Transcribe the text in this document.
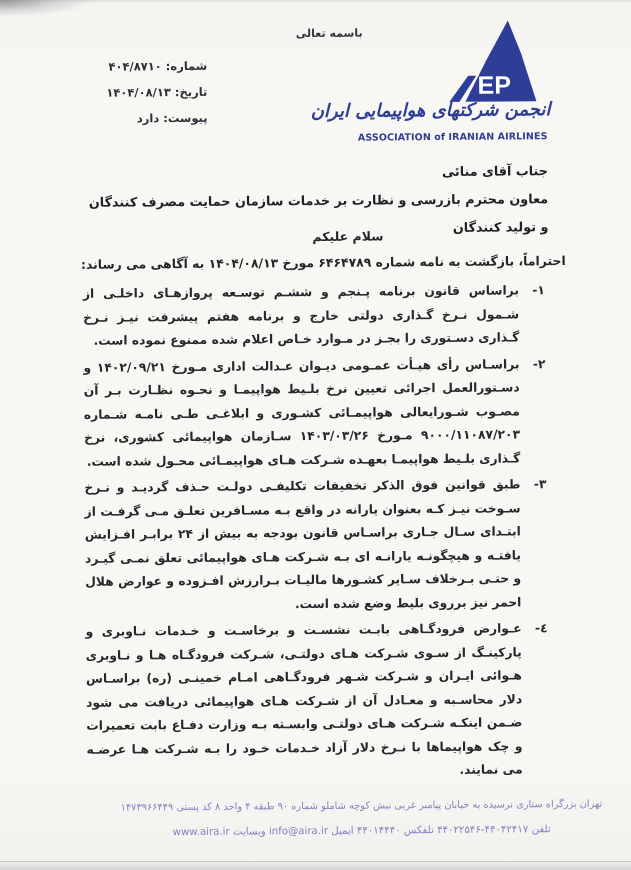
باسمه تعالی
شماره: ۴۰۴/۸۷۱۰
تاریخ: ۱۴۰۴/۰۸/۱۳
پیوست: دارد
EP
انجمن شرکتهای هواپیمایی ایران
ASSOCIATION of IRANIAN AIRLINES
جناب آقای منائی
معاون محترم بازرسی و نظارت بر خدمات سازمان حمایت مصرف کنندگان و تولید کنندگان
سلام علیکم
احتراماً، بازگشت به نامه شماره ۶۴۶۴۷۸۹ مورخ ۱۴۰۴/۰۸/۱۳ به آگاهی می رساند:
۱-
براساس قانون برنامه پـنجم و ششـم توسـعه پروازهـای داخلـی از شـمول نـرخ گـذاری دولتی خارج و برنامه هفتم پیشرفت نیـز نـرخ گـذاری دسـتوری را بجـز در مـوارد خـاص اعلام شده ممنوع نموده است.
۲-
براسـاس رأی هیـأت عمـومی دیـوان عـدالت اداری مـورخ ۱۴۰۲/۰۹/۲۱ و دسـتورالعمل اجرائی تعیین نرخ بلـیط هواپیمـا و نحـوه نظـارت بـر آن مصـوب شـورایعالی هواپیمـائی کشـوری و ابلاغـی طـی نامـه شـماره ۹۰۰۰/۱۱۰۸۷/۲۰۳ مـورخ ۱۴۰۳/۰۳/۲۶ سـازمان هواپیمائی کشوری، نرخ گـذاری بلـیط هواپیمـا بعهـده شـرکت هـای هواپیمـائی محـول شده است.
۳-
طبق قوانین فوق الذکر تخفیفات تکلیفـی دولـت حـذف گردیـد و نـرخ سـوخت نیـز کـه بعنوان یارانه در واقع بـه مسـافرین تعلـق مـی گرفـت از ابتـدای سـال جـاری براسـاس قانون بودجه به بیش از ۲۴ برابـر افـزایش یافتـه و هیچگونـه یارانـه ای بـه شـرکت هـای هواپیمائی تعلق نمـی گیـرد و حتـی بـرخلاف سـایر کشـورها مالیـات بـرارزش افـزوده و عوارض هلال احمر نیز برروی بلیط وضع شده است.
٤-
عـوارض فرودگـاهی بابـت نشسـت و برخاسـت و خـدمات نـاوبری و پارکینـگ از سـوی شـرکت هـای دولتـی، شـرکت فرودگـاه هـا و نـاوبری هـوائی ایـران و شـرکت شـهر فرودگـاهی امـام خمینـی (ره) براسـاس دلار محاسـبه و معـادل آن از شـرکت هـای هواپیمائی دریافت می شود ضـمن اینکـه شـرکت هـای دولتـی وابسـته بـه وزارت دفـاع بابت تعمیرات و چک هواپیماها با نـرخ دلار آزاد خـدمات خـود را بـه شـرکت هـا عرضـه می نمایند.
تهران بزرگراه ستاری نرسیده به خیابان پیامبر غربی نبش کوچه شاملو شماره ۹۰ طبقه ۴ واحد ۸ کد پستی ۱۴۷۳۹۶۶۴۴۹
تلفن ۴۴۰۴۲۴۱۷-۴۴۰۲۲۵۴۶ تلفکس ۴۴۰۱۴۴۴۰ ایمیل info@aira.ir وبسایت www.aira.ir
